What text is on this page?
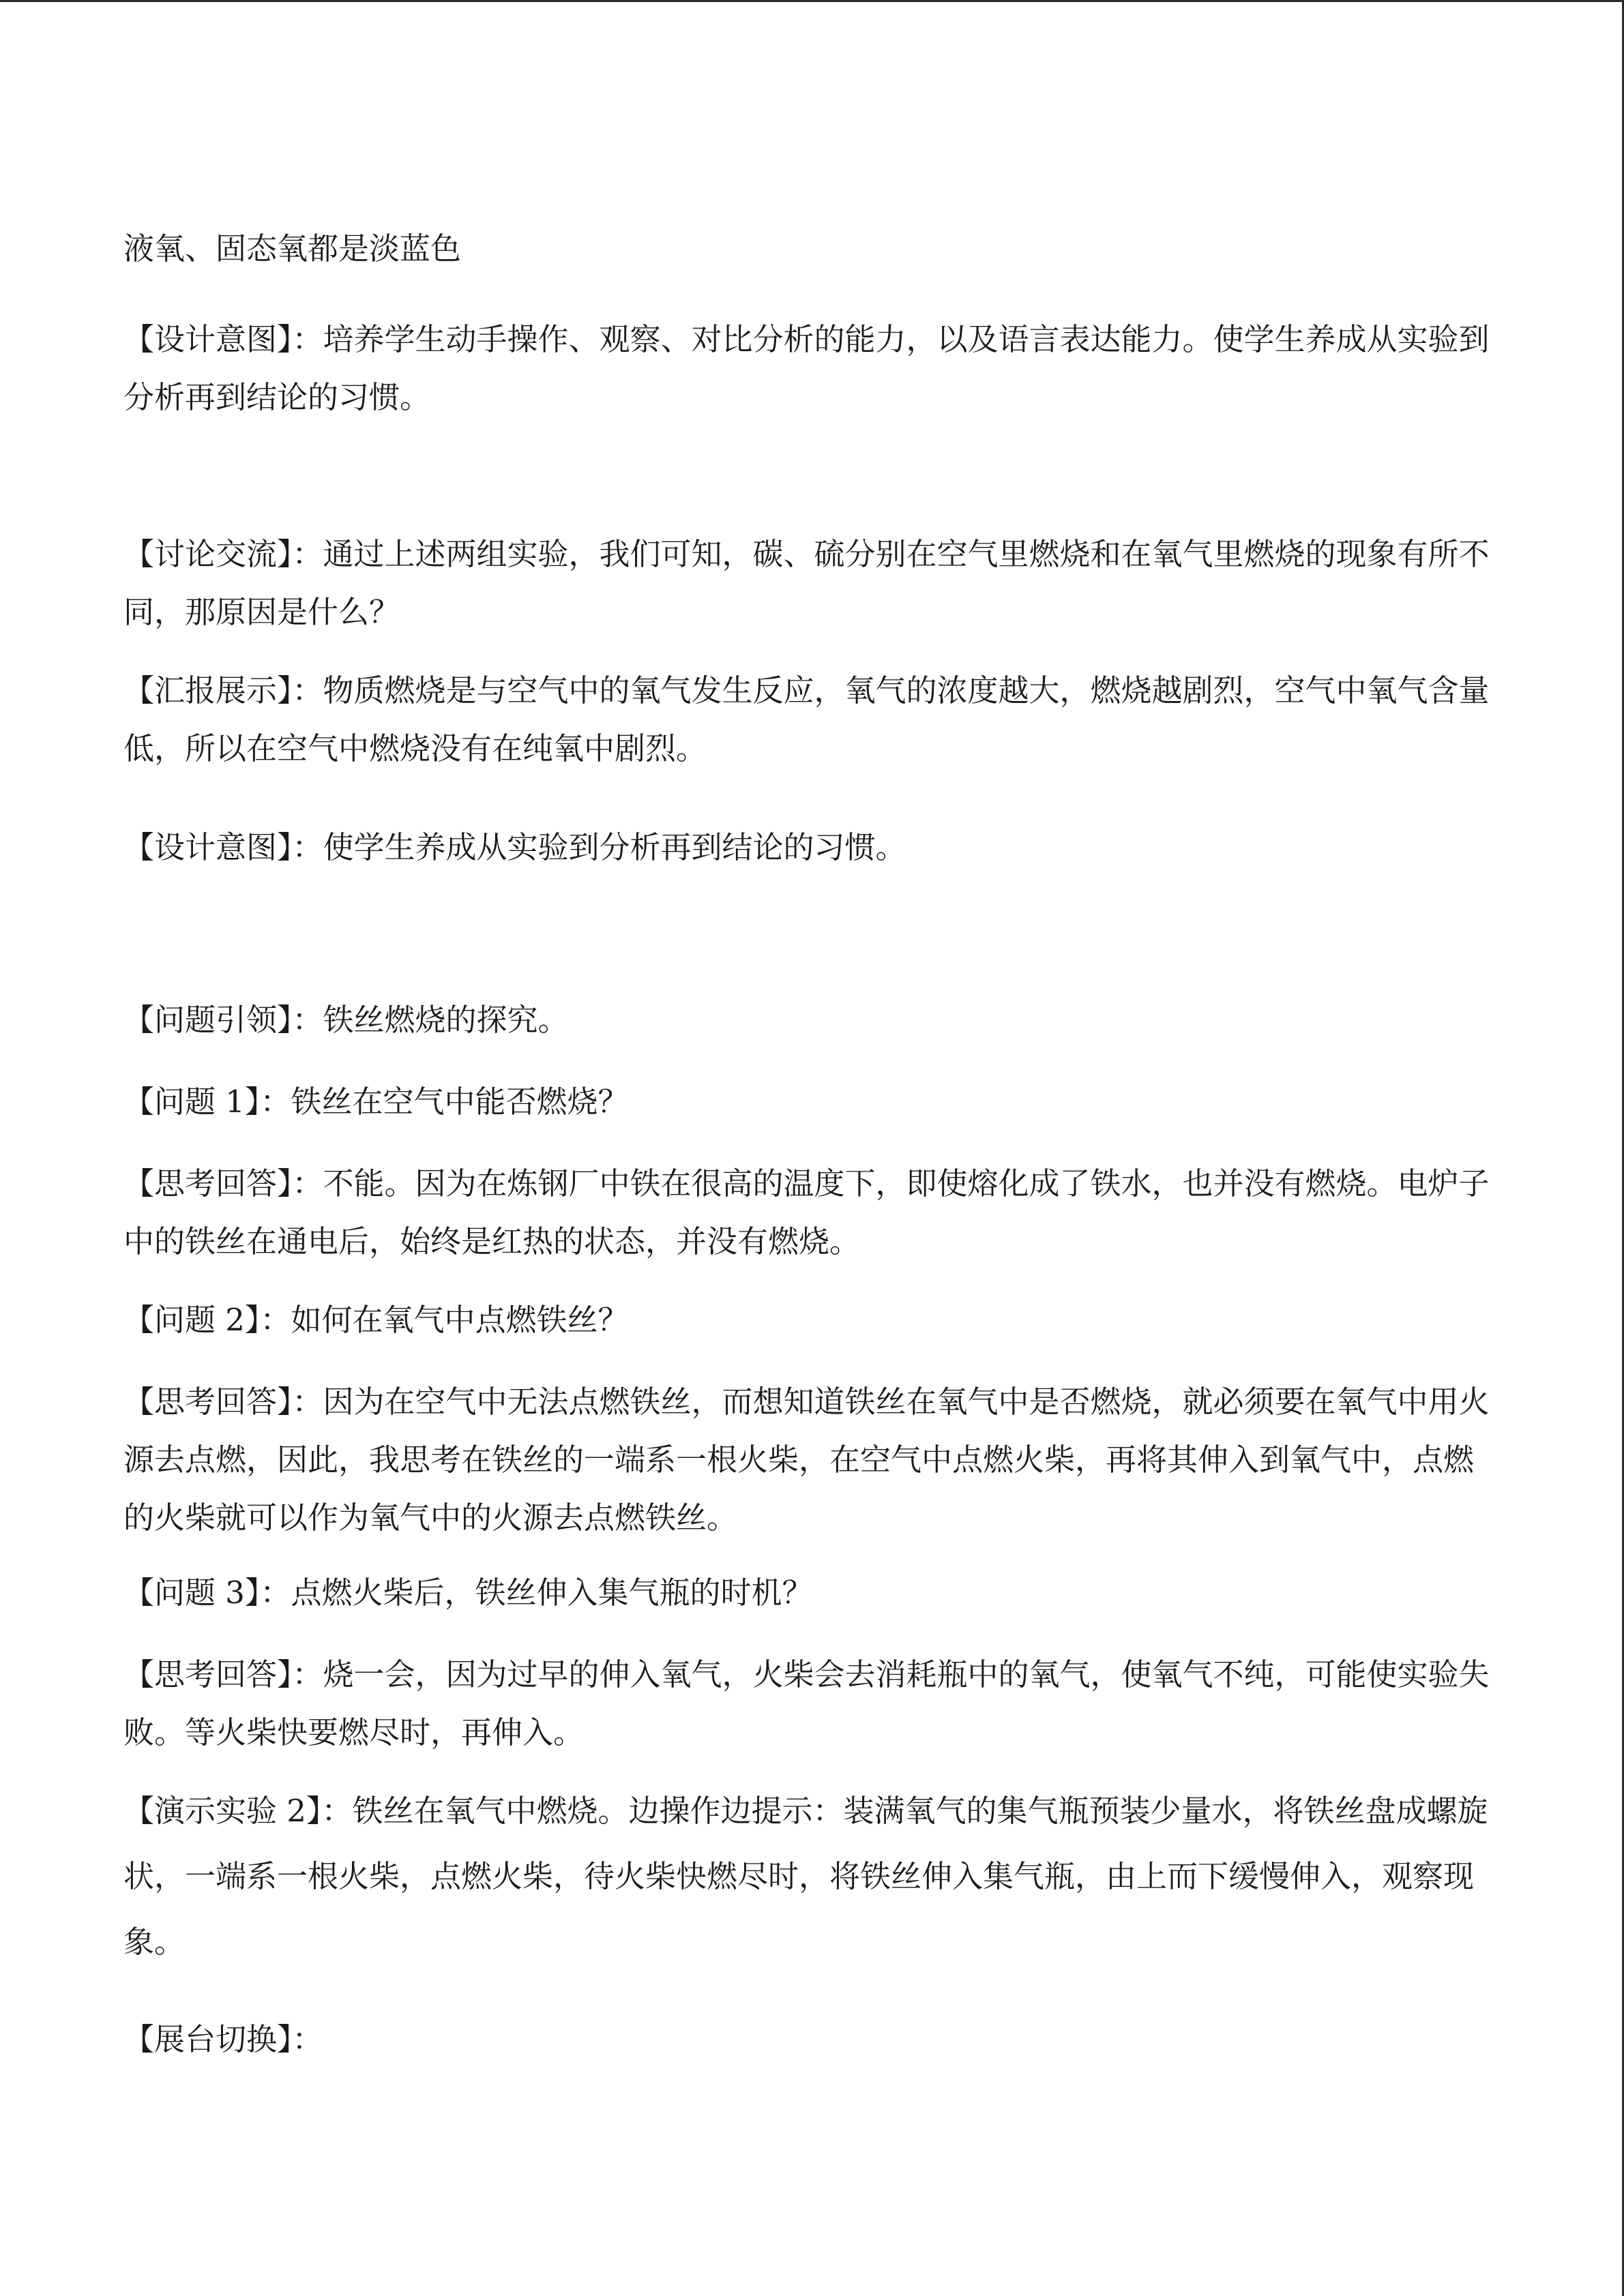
液氧、固态氧都是淡蓝色

【设计意图】：培养学生动手操作、观察、对比分析的能力，以及语言表达能力。使学生养成从实验到分析再到结论的习惯。

【讨论交流】：通过上述两组实验，我们可知，碳、硫分别在空气里燃烧和在氧气里燃烧的现象有所不同，那原因是什么？

【汇报展示】：物质燃烧是与空气中的氧气发生反应，氧气的浓度越大，燃烧越剧烈，空气中氧气含量低，所以在空气中燃烧没有在纯氧中剧烈。

【设计意图】：使学生养成从实验到分析再到结论的习惯。

【问题引领】：铁丝燃烧的探究。

【问题 1】：铁丝在空气中能否燃烧？

【思考回答】：不能。因为在炼钢厂中铁在很高的温度下，即使熔化成了铁水，也并没有燃烧。电炉子中的铁丝在通电后，始终是红热的状态，并没有燃烧。

【问题 2】：如何在氧气中点燃铁丝？

【思考回答】：因为在空气中无法点燃铁丝，而想知道铁丝在氧气中是否燃烧，就必须要在氧气中用火源去点燃，因此，我思考在铁丝的一端系一根火柴，在空气中点燃火柴，再将其伸入到氧气中，点燃的火柴就可以作为氧气中的火源去点燃铁丝。

【问题 3】：点燃火柴后，铁丝伸入集气瓶的时机？

【思考回答】：烧一会，因为过早的伸入氧气，火柴会去消耗瓶中的氧气，使氧气不纯，可能使实验失败。等火柴快要燃尽时，再伸入。

【演示实验 2】：铁丝在氧气中燃烧。边操作边提示：装满氧气的集气瓶预装少量水，将铁丝盘成螺旋状，一端系一根火柴，点燃火柴，待火柴快燃尽时，将铁丝伸入集气瓶，由上而下缓慢伸入，观察现象。

【展台切换】：
